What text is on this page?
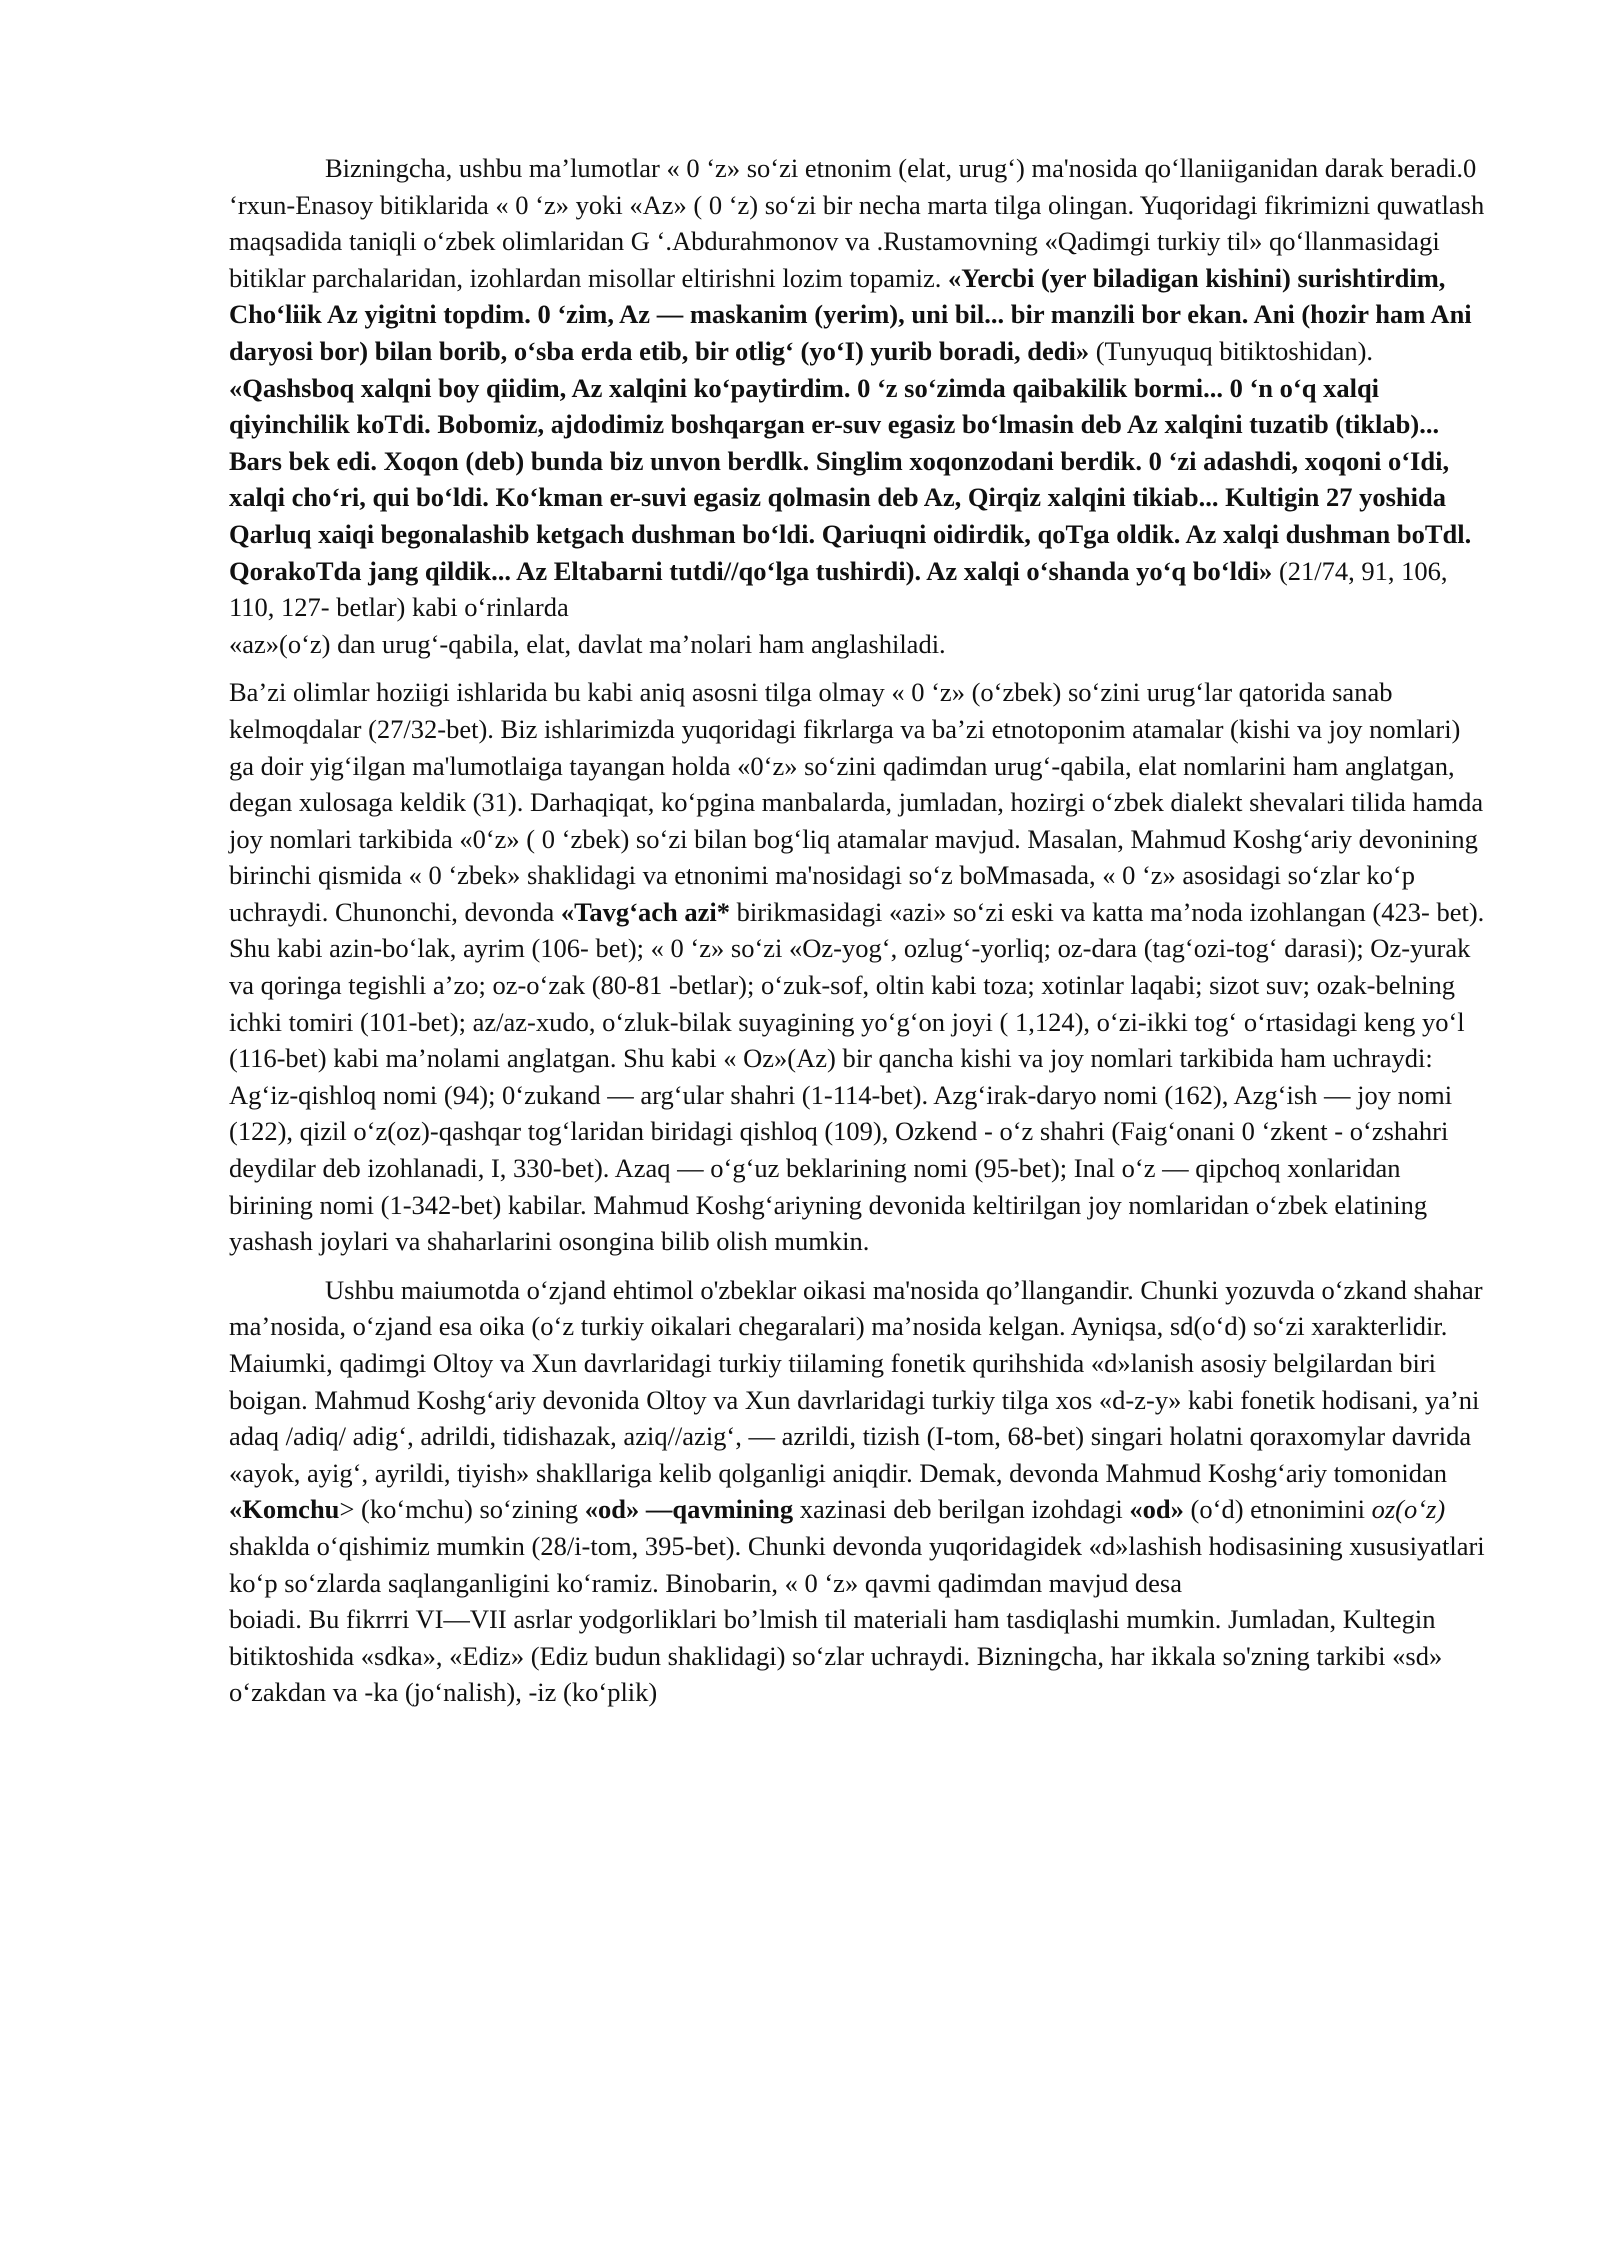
Bizningcha, ushbu ma’lumotlar « 0 ‘z» so‘zi etnonim (elat, urug‘) ma'nosida qo‘llaniiganidan darak beradi.0 ‘rxun-Enasoy bitiklarida « 0 ‘z» yoki «Az» ( 0 ‘z) so‘zi bir necha marta tilga olingan. Yuqoridagi fikrimizni quwatlash maqsadida taniqli o‘zbek olimlaridan G ‘.Abdurahmonov va .Rustamovning «Qadimgi turkiy til» qo‘llanmasidagi bitiklar parchalaridan, izohlardan misollar eltirishni lozim topamiz. «Yercbi (yer biladigan kishini) surishtirdim, Cho‘liik Az yigitni topdim. 0 ‘zim, Az — maskanim (yerim), uni bil... bir manzili bor ekan. Ani (hozir ham Ani daryosi bor) bilan borib, o‘sba erda etib, bir otlig‘ (yo‘I) yurib boradi, dedi» (Tunyuquq bitiktoshidan). «Qashsboq xalqni boy qiidim, Az xalqini ko‘paytirdim. 0 ‘z so‘zimda qaibakilik bormi... 0 ‘n o‘q xalqi qiyinchilik koTdi. Bobomiz, ajdodimiz boshqargan er-suv egasiz bo‘lmasin deb Az xalqini tuzatib (tiklab)...
Bars bek edi. Xoqon (deb) bunda biz unvon berdlk. Singlim xoqonzodani berdik. 0 ‘zi adashdi, xoqoni o‘Idi, xalqi cho‘ri, qui bo‘ldi. Ko‘kman er-suvi egasiz qolmasin deb Az, Qirqiz xalqini tikiab... Kultigin 27 yoshida Qarluq xaiqi begonalashib ketgach dushman bo‘ldi. Qariuqni oidirdik, qoTga oldik. Az xalqi dushman boTdl. QorakoTda jang qildik... Az Eltabarni tutdi//qo‘lga tushirdi). Az xalqi o‘shanda yo‘q bo‘ldi» (21/74, 91, 106, 110, 127- betlar) kabi o‘rinlarda
«az»(o‘z) dan urug‘-qabila, elat, davlat ma’nolari ham anglashiladi.

Ba’zi olimlar hoziigi ishlarida bu kabi aniq asosni tilga olmay « 0 ‘z» (o‘zbek) so‘zini urug‘lar qatorida sanab kelmoqdalar (27/32-bet). Biz ishlarimizda yuqoridagi fikrlarga va ba’zi etnotoponim atamalar (kishi va joy nomlari) ga doir yig‘ilgan ma'lumotlaiga tayangan holda «0‘z» so‘zini qadimdan urug‘-qabila, elat nomlarini ham anglatgan, degan xulosaga keldik (31). Darhaqiqat, ko‘pgina manbalarda, jumladan, hozirgi o‘zbek dialekt shevalari tilida hamda joy nomlari tarkibida «0‘z» ( 0 ‘zbek) so‘zi bilan bog‘liq atamalar mavjud. Masalan, Mahmud Koshg‘ariy devonining birinchi qismida « 0 ‘zbek» shaklidagi va etnonimi ma'nosidagi so‘z boMmasada, « 0 ‘z» asosidagi so‘zlar ko‘p uchraydi. Chunonchi, devonda «Tavg‘ach azi* birikmasidagi «azi» so‘zi eski va katta ma’noda izohlangan (423- bet). Shu kabi azin-bo‘lak, ayrim (106- bet); « 0 ‘z» so‘zi «Oz-yog‘, ozlug‘-yorliq; oz-dara (tag‘ozi-tog‘ darasi); Oz-yurak va qoringa tegishli a’zo; oz-o‘zak (80-81 -betlar); o‘zuk-sof, oltin kabi toza; xotinlar laqabi; sizot suv; ozak-belning ichki tomiri (101-bet); az/az-xudo, o‘zluk-bilak suyagining yo‘g‘on joyi ( 1,124), o‘zi-ikki tog‘ o‘rtasidagi keng yo‘l (116-bet) kabi ma’nolami anglatgan. Shu kabi « Oz»(Az) bir qancha kishi va joy nomlari tarkibida ham uchraydi: Ag‘iz-qishloq nomi (94); 0‘zukand — arg‘ular shahri (1-114-bet). Azg‘irak-daryo nomi (162), Azg‘ish — joy nomi (122), qizil o‘z(oz)-qashqar tog‘laridan biridagi qishloq (109), Ozkend - o‘z shahri (Faig‘onani 0 ‘zkent - o‘zshahri deydilar deb izohlanadi, I, 330-bet). Azaq — o‘g‘uz beklarining nomi (95-bet); Inal o‘z — qipchoq xonlaridan birining nomi (1-342-bet) kabilar. Mahmud Koshg‘ariyning devonida keltirilgan joy nomlaridan o‘zbek elatining yashash joylari va shaharlarini osongina bilib olish mumkin.

Ushbu maiumotda o‘zjand ehtimol o'zbeklar oikasi ma'nosida qo’llangandir. Chunki yozuvda o‘zkand shahar ma’nosida, o‘zjand esa oika (o‘z turkiy oikalari chegaralari) ma’nosida kelgan. Ayniqsa, sd(o‘d) so‘zi xarakterlidir. Maiumki, qadimgi Oltoy va Xun davrlaridagi turkiy tiilaming fonetik qurihshida «d»lanish asosiy belgilardan biri boigan. Mahmud Koshg‘ariy devonida Oltoy va Xun davrlaridagi turkiy tilga xos «d-z-y» kabi fonetik hodisani, ya’ni adaq /adiq/ adig‘, adrildi, tidishazak, aziq//azig‘, — azrildi, tizish (I-tom, 68-bet) singari holatni qoraxomylar davrida «ayok, ayig‘, ayrildi, tiyish» shakllariga kelib qolganligi aniqdir. Demak, devonda Mahmud Koshg‘ariy tomonidan «Komchu> (ko‘mchu) so‘zining «od» —qavmining xazinasi deb berilgan izohdagi «od» (o‘d) etnonimini oz(o‘z) shaklda o‘qishimiz mumkin (28/i-tom, 395-bet). Chunki devonda yuqoridagidek «d»lashish hodisasining xususiyatlari ko‘p so‘zlarda saqlanganligini ko‘ramiz. Binobarin, « 0 ‘z» qavmi qadimdan mavjud desa
boiadi. Bu fikrrri VI—VII asrlar yodgorliklari bo’lmish til materiali ham tasdiqlashi mumkin. Jumladan, Kultegin bitiktoshida «sdka», «Ediz» (Ediz budun shaklidagi) so‘zlar uchraydi. Bizningcha, har ikkala so'zning tarkibi «sd» o‘zakdan va -ka (jo‘nalish), -iz (ko‘plik)
